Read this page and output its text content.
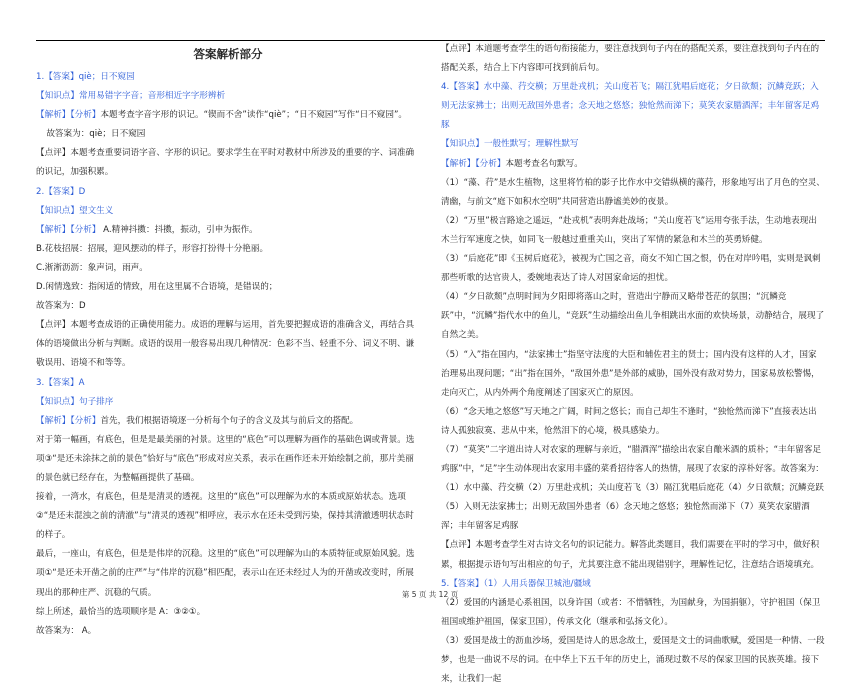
答案解析部分

1.【答案】qiè；日不窥园

【知识点】常用易错字字音；音形相近字字形辨析

【解析】【分析】本题考查字音字形的识记。“锲而不舍”读作“qiè”；“日不窥园”写作“日不窥园”。

故答案为：qiè；日不窥园

【点评】本题考查重要词语字音、字形的识记。要求学生在平时对教材中所涉及的重要的字、词准确的识记，加强积累。

2.【答案】D

【知识点】望文生义

【解析】【分析】 A.精神抖擞：抖擞，振动，引申为振作。

B.花枝招展：招展，迎风摆动的样子，形容打扮得十分艳丽。

C.淅淅沥沥：象声词，雨声。

D.闲情逸致：指闲适的情致，用在这里属不合语境，是错误的；

故答案为：D

【点评】本题考查成语的正确使用能力。成语的理解与运用，首先要把握成语的准确含义，再结合具体的语境做出分析与判断。成语的误用一般容易出现几种情况：色彩不当、轻重不分、词义不明、谦敬误用、语境不和等等。

3.【答案】A

【知识点】句子排序

【解析】【分析】首先，我们根据语境逐一分析每个句子的含义及其与前后文的搭配。

对于第一幅画，有底色，但是是最美丽的衬景。这里的“底色”可以理解为画作的基础色调或背景。选项③“是还未涂抹之前的景色”恰好与“底色”形成对应关系，表示在画作还未开始绘制之前，那片美丽的景色就已经存在，为整幅画提供了基础。

接着，一湾水，有底色，但是是清灵的透视。这里的“底色”可以理解为水的本质或原始状态。选项②“是还未混浊之前的清澈”与“清灵的透视”相呼应，表示水在还未受到污染，保持其清澈透明状态时的样子。

最后，一座山，有底色，但是是伟岸的沉稳。这里的“底色”可以理解为山的本质特征或原始风貌。选项①“是还未开凿之前的庄严”与“伟岸的沉稳”相匹配，表示山在还未经过人为的开凿或改变时，所展现出的那种庄严、沉稳的气质。

综上所述，最恰当的选项顺序是 A：③②①。

故答案为： A。

【点评】本道题考查学生的语句衔接能力，要注意找到句子内在的搭配关系，要注意找到句子内在的搭配关系，结合上下内容即可找到前后句。

4.【答案】水中藻、荇交横；万里赴戎机；关山度若飞；隔江犹唱后庭花；夕日欲颓；沉鳞竞跃；入则无法家拂士；出则无敌国外患者；念天地之悠悠；独怆然而涕下；莫笑农家腊酒浑；丰年留客足鸡豚

【知识点】一般性默写；理解性默写

【解析】【分析】本题考查名句默写。

（1）“藻、荇”是水生植物，这里将竹柏的影子比作水中交错纵横的藻荇，形象地写出了月色的空灵、清幽，与前文“庭下如积水空明”共同营造出静谧美妙的夜景。

（2）“万里”极言路途之遥远，“赴戎机”表明奔赴战场；“关山度若飞”运用夸张手法，生动地表现出木兰行军速度之快，如同飞一般越过重重关山，突出了军情的紧急和木兰的英勇矫健。

（3）“后庭花”即《玉树后庭花》，被视为亡国之音，商女不知亡国之恨，仍在对岸吟唱，实则是讽刺那些听歌的达官贵人，委婉地表达了诗人对国家命运的担忧。

（4）“夕日欲颓”点明时间为夕阳即将落山之时，营造出宁静而又略带苍茫的氛围；“沉鳞竞跃”中，“沉鳞”指代水中的鱼儿，“竞跃”生动描绘出鱼儿争相跳出水面的欢快场景，动静结合，展现了自然之美。

（5）“入”指在国内，“法家拂士”指坚守法度的大臣和辅佐君主的贤士；国内没有这样的人才，国家治理易出现问题；“出”指在国外，“敌国外患”是外部的威胁，国外没有敌对势力，国家易放松警惕，走向灭亡，从内外两个角度阐述了国家灭亡的原因。

（6）“念天地之悠悠”写天地之广阔，时间之悠长；而自己却生不逢时，“独怆然而涕下”直接表达出诗人孤独寂寞、悲从中来，怆然泪下的心境，极具感染力。

（7）“莫笑”二字道出诗人对农家的理解与亲近，“腊酒浑”描绘出农家自酿米酒的质朴；“丰年留客足鸡豚”中，“足”字生动体现出农家用丰盛的菜肴招待客人的热情，展现了农家的淳朴好客。故答案为：（1）水中藻、荇交横（2）万里赴戎机；关山度若飞（3）隔江犹唱后庭花（4）夕日欲颓；沉鳞竞跃（5）入则无法家拂士；出则无敌国外患者（6）念天地之悠悠；独怆然而涕下（7）莫笑农家腊酒浑；丰年留客足鸡豚

【点评】本题考查学生对古诗文名句的识记能力。解答此类题目，我们需要在平时的学习中，做好积累，根据提示语句写出相应的句子，尤其要注意不能出现错别字，理解性记忆，注意结合语境填充。

5.【答案】（1）人用兵器保卫城池/疆域

（2）爱国的内涵是心系祖国，以身许国（或者：不惜牺牲，为国献身，为国捐躯），守护祖国（保卫祖国或维护祖国，保家卫国），传承文化（继承和弘扬文化）。

（3）爱国是战士的沥血沙场，爱国是诗人的思念故土，爱国是文士的词曲歌赋，爱国是一种情、一段梦，也是一曲说不尽的词。在中华上下五千年的历史上，涌现过数不尽的保家卫国的民族英雄。接下来，让我们一起

第 5 页 共 12 页
